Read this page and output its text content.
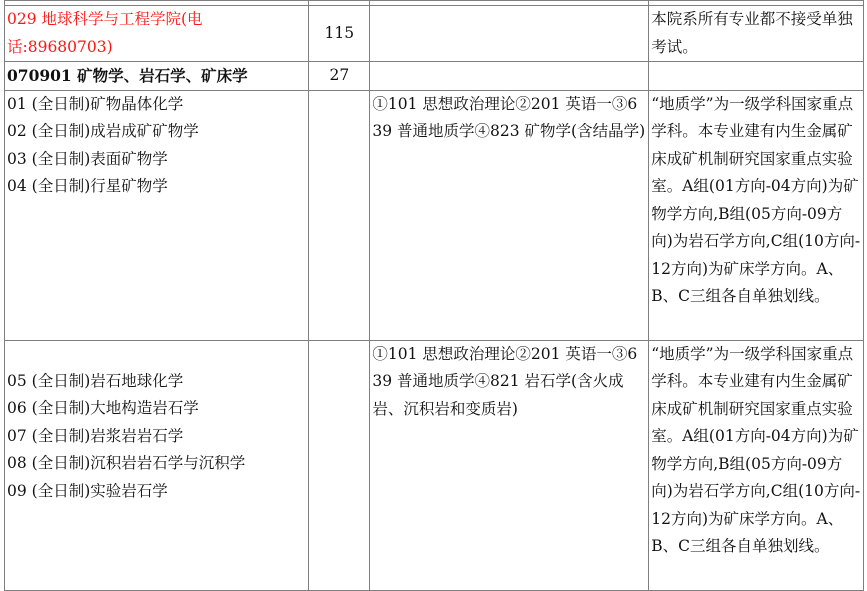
029 地球科学与工程学院(电
话:89680703)	115		本院系所有专业都不接受单独考试。

070901 矿物学、岩石学、矿床学	27		

01 (全日制)矿物晶体化学
02 (全日制)成岩成矿矿物学
03 (全日制)表面矿物学
04 (全日制)行星矿物学		①101 思想政治理论②201 英语一③639 普通地质学④823 矿物学(含结晶学)	“地质学”为一级学科国家重点学科。本专业建有内生金属矿床成矿机制研究国家重点实验室。A组(01方向-04方向)为矿物学方向,B组(05方向-09方向)为岩石学方向,C组(10方向-12方向)为矿床学方向。A、B、C三组各自单独划线。

05 (全日制)岩石地球化学
06 (全日制)大地构造岩石学
07 (全日制)岩浆岩岩石学
08 (全日制)沉积岩岩石学与沉积学
09 (全日制)实验岩石学		①101 思想政治理论②201 英语一③639 普通地质学④821 岩石学(含火成岩、沉积岩和变质岩)	“地质学”为一级学科国家重点学科。本专业建有内生金属矿床成矿机制研究国家重点实验室。A组(01方向-04方向)为矿物学方向,B组(05方向-09方向)为岩石学方向,C组(10方向-12方向)为矿床学方向。A、B、C三组各自单独划线。
